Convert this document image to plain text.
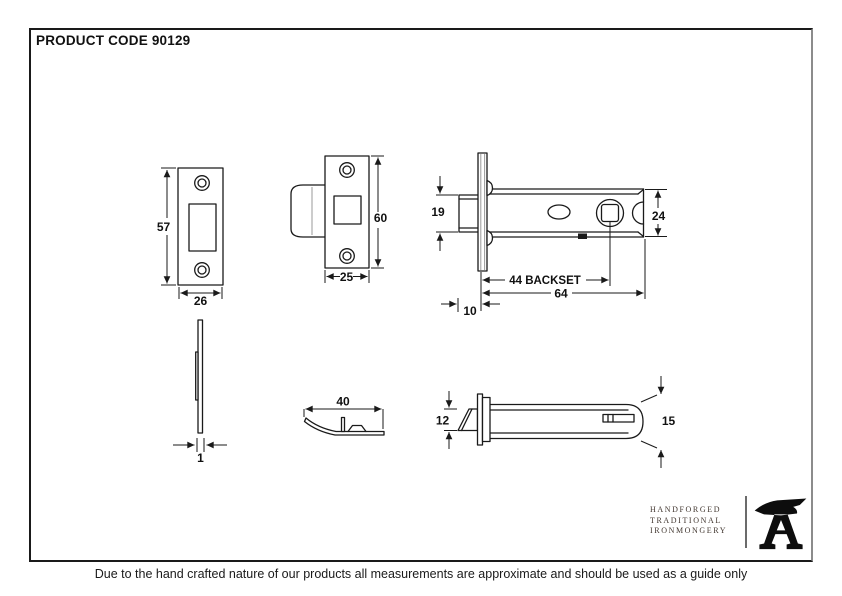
PRODUCT CODE 90129
57
26
60
25
19	24
44 BACKSET
64
10
1
40
12	15
HANDFORGED
TRADITIONAL
IRONMONGERY
Due to the hand crafted nature of our products all measurements are approximate and should be used as a guide only
